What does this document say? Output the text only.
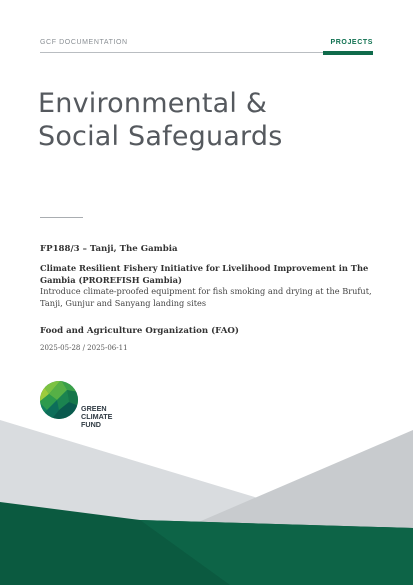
GCF DOCUMENTATION	PROJECTS
Environmental &
Social Safeguards
FP188/3 – Tanji, The Gambia
Climate Resilient Fishery Initiative for Livelihood Improvement in The Gambia (PROREFISH Gambia)
Introduce climate-proofed equipment for fish smoking and drying at the Brufut, Tanji, Gunjur and Sanyang landing sites
Food and Agriculture Organization (FAO)
2025-05-28 / 2025-06-11
GREEN
CLIMATE
FUND
